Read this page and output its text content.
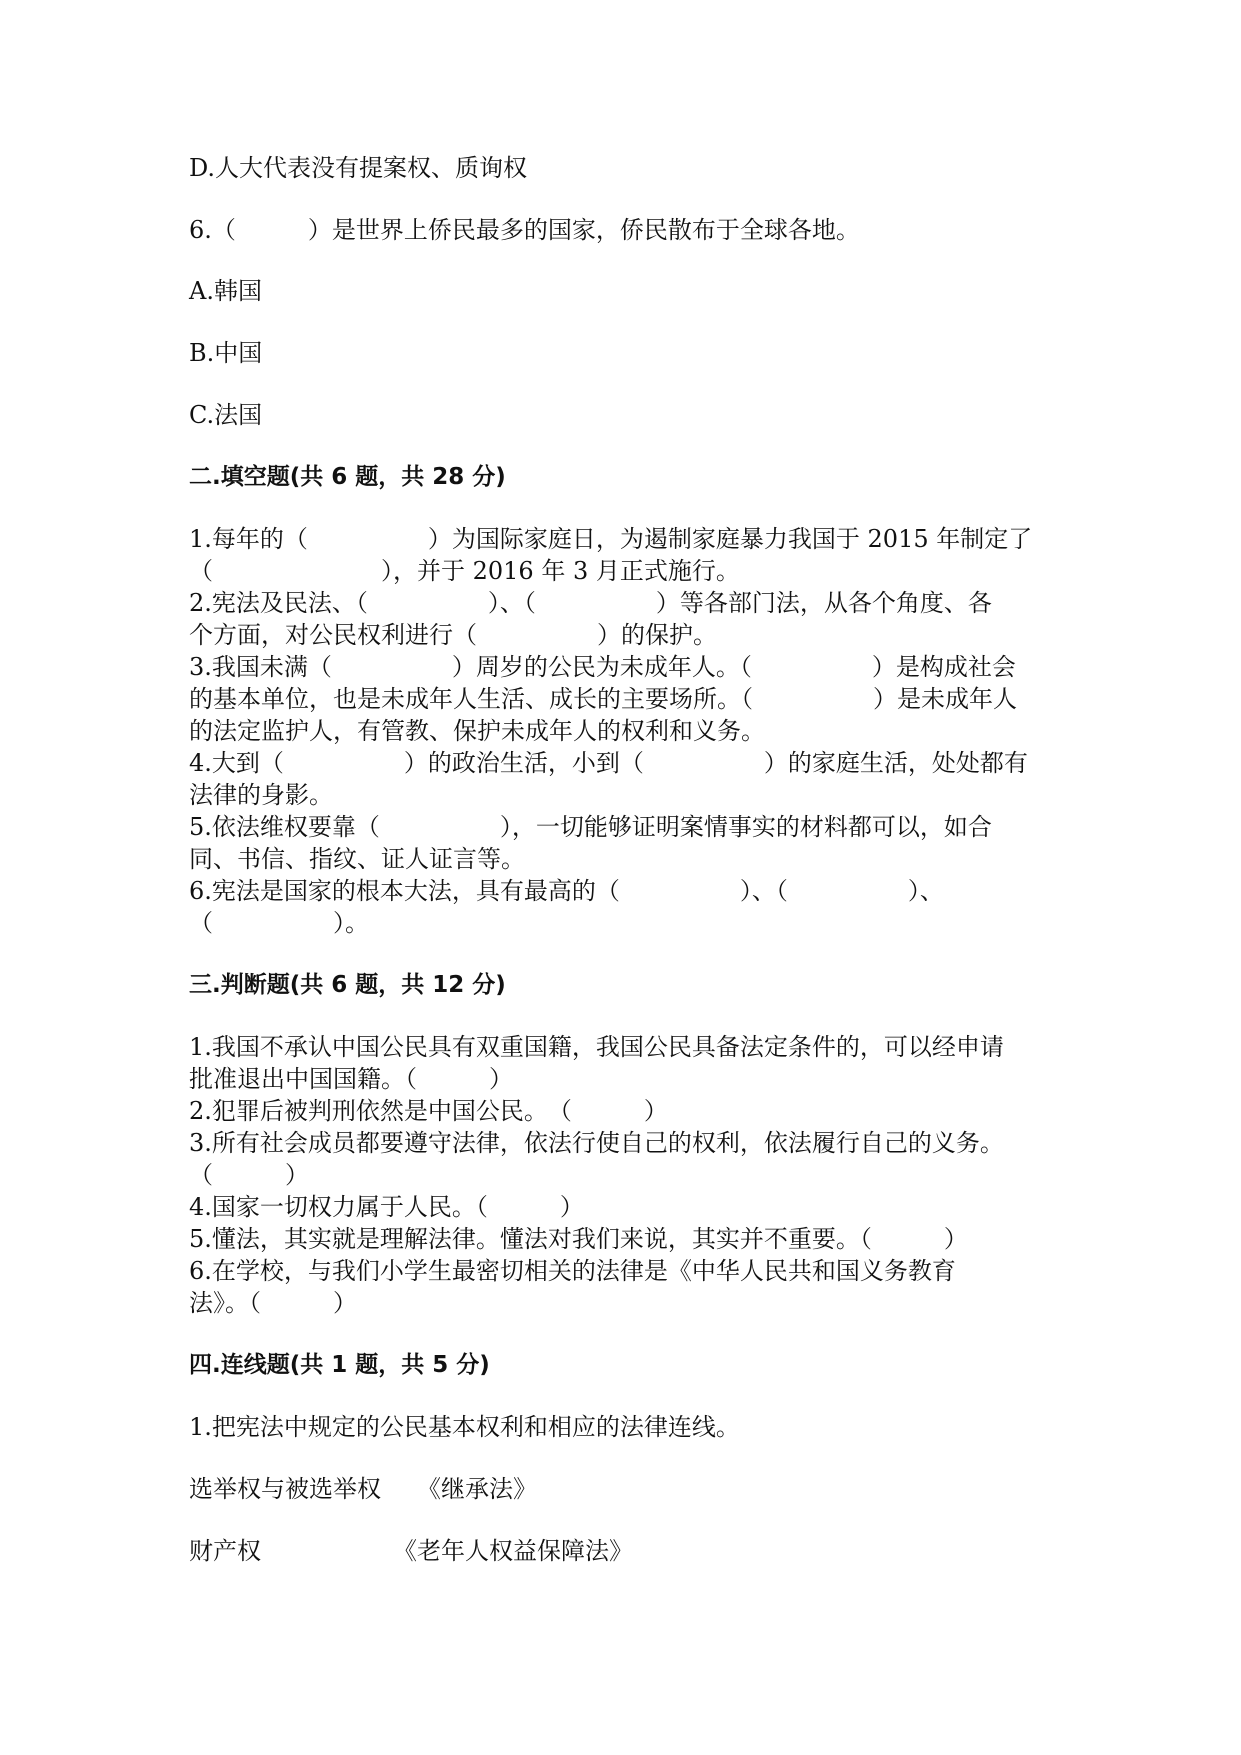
D.人大代表没有提案权、质询权
6.（　　　）是世界上侨民最多的国家，侨民散布于全球各地。
A.韩国
B.中国
C.法国
二.填空题(共 6 题，共 28 分)
1.每年的（　　　　　）为国际家庭日，为遏制家庭暴力我国于 2015 年制定了
（　　　　　　　），并于 2016 年 3 月正式施行。
2.宪法及民法、（　　　　　）、（　　　　　）等各部门法，从各个角度、各
个方面，对公民权利进行（　　　　　）的保护。
3.我国未满（　　　　　）周岁的公民为未成年人。（　　　　　）是构成社会
的基本单位，也是未成年人生活、成长的主要场所。（　　　　　）是未成年人
的法定监护人，有管教、保护未成年人的权利和义务。
4.大到（　　　　　）的政治生活，小到（　　　　　）的家庭生活，处处都有
法律的身影。
5.依法维权要靠（　　　　　），一切能够证明案情事实的材料都可以，如合
同、书信、指纹、证人证言等。
6.宪法是国家的根本大法，具有最高的（　　　　　）、（　　　　　）、
（　　　　　）。
三.判断题(共 6 题，共 12 分)
1.我国不承认中国公民具有双重国籍，我国公民具备法定条件的，可以经申请
批准退出中国国籍。（　　　）
2.犯罪后被判刑依然是中国公民。　（　　　）
3.所有社会成员都要遵守法律，依法行使自己的权利，依法履行自己的义务。
（　　　）
4.国家一切权力属于人民。（　　　）
5.懂法，其实就是理解法律。懂法对我们来说，其实并不重要。（　　　）
6.在学校，与我们小学生最密切相关的法律是《中华人民共和国义务教育
法》。（　　　）
四.连线题(共 1 题，共 5 分)
1.把宪法中规定的公民基本权利和相应的法律连线。
选举权与被选举权　　《继承法》
财产权　　　　　　《老年人权益保障法》
